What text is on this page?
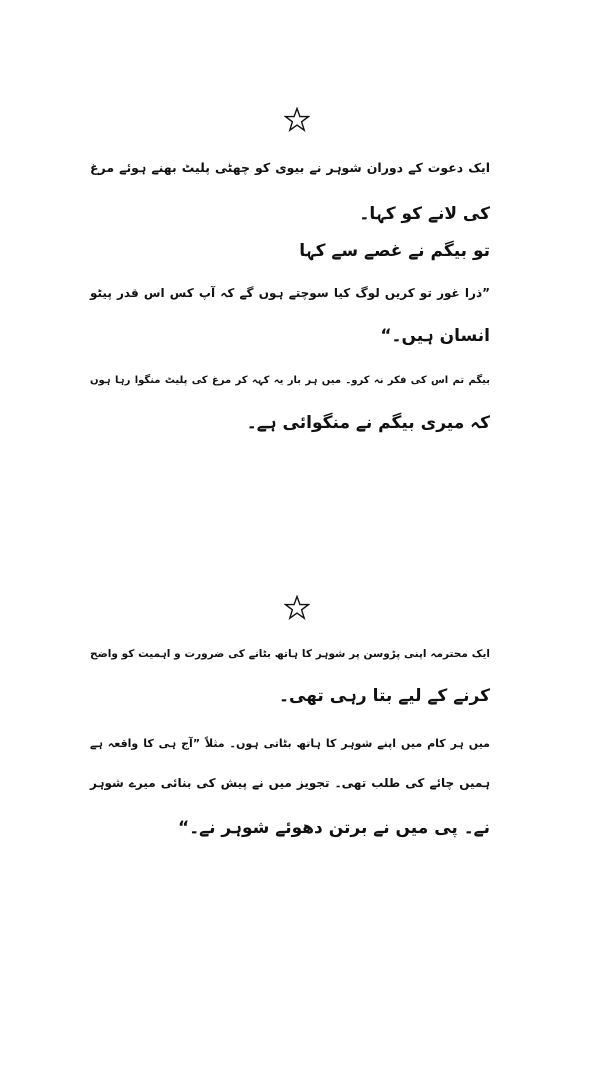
ایک دعوت کے دوران شوہر نے بیوی کو چھٹی پلیٹ بھنے ہوئے مرغ
کی لانے کو کہا۔
تو بیگم نے غصے سے کہا
”ذرا غور تو کریں لوگ کیا سوچتے ہوں گے کہ آپ کس اس قدر پیٹو
انسان ہیں۔“
بیگم تم اس کی فکر نہ کرو۔ میں ہر بار یہ کہہ کر مرغ کی پلیٹ منگوا رہا ہوں
کہ میری بیگم نے منگوائی ہے۔
ایک محترمہ اپنی پڑوسن پر شوہر کا ہاتھ بٹانے کی ضرورت و اہمیت کو واضح
کرنے کے لیے بتا رہی تھی۔
میں ہر کام میں اپنے شوہر کا ہاتھ بٹاتی ہوں۔ مثلاً ”آج ہی کا واقعہ ہے
ہمیں چائے کی طلب تھی۔ تجویز میں نے پیش کی بنائی میرے شوہر
نے۔ پی میں نے برتن دھوئے شوہر نے۔“
